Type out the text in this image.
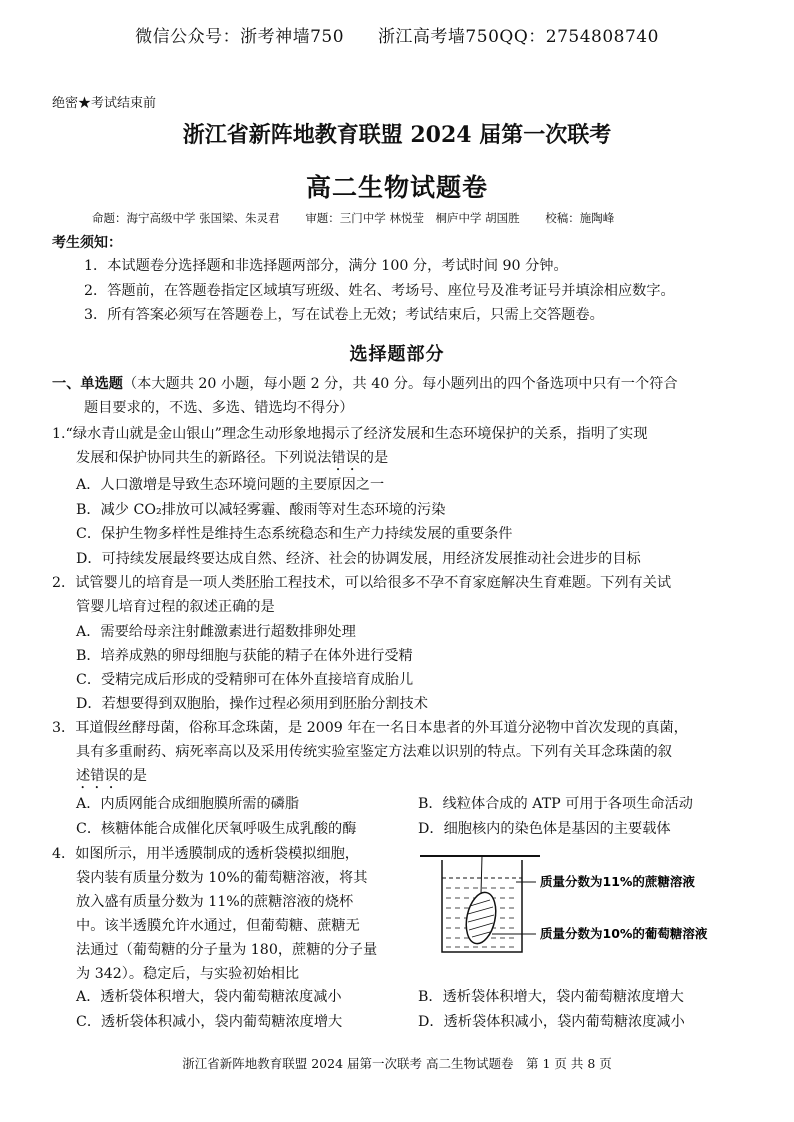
微信公众号：浙考神墙750 浙江高考墙750QQ：2754808740
绝密★考试结束前
浙江省新阵地教育联盟 2024 届第一次联考
高二生物试题卷
命题：海宁高级中学 张国梁、朱灵君 审题：三门中学 林悦莹　桐庐中学 胡国胜 校稿：施陶峰
考生须知：
1．本试题卷分选择题和非选择题两部分，满分 100 分，考试时间 90 分钟。
2．答题前，在答题卷指定区域填写班级、姓名、考场号、座位号及准考证号并填涂相应数字。
3．所有答案必须写在答题卷上，写在试卷上无效；考试结束后，只需上交答题卷。
选择题部分
一、单选题（本大题共 20 小题，每小题 2 分，共 40 分。每小题列出的四个备选项中只有一个符合
题目要求的，不选、多选、错选均不得分）
1.“绿水青山就是金山银山”理念生动形象地揭示了经济发展和生态环境保护的关系，指明了实现
发展和保护协同共生的新路径。下列说法错误的是
A．人口激增是导致生态环境问题的主要原因之一
B．减少 CO₂排放可以减轻雾霾、酸雨等对生态环境的污染
C．保护生物多样性是维持生态系统稳态和生产力持续发展的重要条件
D．可持续发展最终要达成自然、经济、社会的协调发展，用经济发展推动社会进步的目标
2．试管婴儿的培育是一项人类胚胎工程技术，可以给很多不孕不育家庭解决生育难题。下列有关试
管婴儿培育过程的叙述正确的是
A．需要给母亲注射雌激素进行超数排卵处理
B．培养成熟的卵母细胞与获能的精子在体外进行受精
C．受精完成后形成的受精卵可在体外直接培育成胎儿
D．若想要得到双胞胎，操作过程必须用到胚胎分割技术
3．耳道假丝酵母菌，俗称耳念珠菌，是 2009 年在一名日本患者的外耳道分泌物中首次发现的真菌，
具有多重耐药、病死率高以及采用传统实验室鉴定方法难以识别的特点。下列有关耳念珠菌的叙
述错误的是
A．内质网能合成细胞膜所需的磷脂	B．线粒体合成的 ATP 可用于各项生命活动
C．核糖体能合成催化厌氧呼吸生成乳酸的酶	D．细胞核内的染色体是基因的主要载体
4．如图所示，用半透膜制成的透析袋模拟细胞，
袋内装有质量分数为 10%的葡萄糖溶液，将其
放入盛有质量分数为 11%的蔗糖溶液的烧杯
中。该半透膜允许水通过，但葡萄糖、蔗糖无
法通过（葡萄糖的分子量为 180，蔗糖的分子量
为 342）。稳定后，与实验初始相比
质量分数为11%的蔗糖溶液
质量分数为10%的葡萄糖溶液
A．透析袋体积增大，袋内葡萄糖浓度减小	B．透析袋体积增大，袋内葡萄糖浓度增大
C．透析袋体积减小，袋内葡萄糖浓度增大	D．透析袋体积减小，袋内葡萄糖浓度减小
浙江省新阵地教育联盟 2024 届第一次联考 高二生物试题卷　第 1 页 共 8 页
